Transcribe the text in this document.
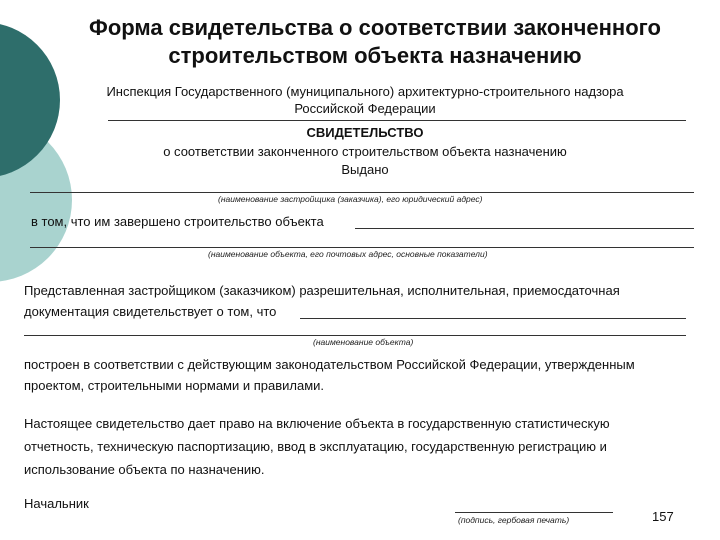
Форма свидетельства о соответствии законченного
строительством объекта назначению
Инспекция Государственного (муниципального) архитектурно-строительного надзора
Российской Федерации
СВИДЕТЕЛЬСТВО
о соответствии законченного строительством объекта назначению
Выдано
(наименование застройщика (заказчика), его юридический адрес)
в том, что им завершено строительство объекта
(наименование объекта, его почтовых адрес, основные показатели)
Представленная застройщиком (заказчиком) разрешительная, исполнительная, приемосдаточная
документация свидетельствует о том, что
(наименование объекта)
построен в соответствии с действующим законодательством Российской Федерации, утвержденным
проектом, строительными нормами и правилами.
Настоящее свидетельство дает право на включение объекта в государственную статистическую
отчетность, техническую паспортизацию, ввод в эксплуатацию, государственную регистрацию и
использование объекта по назначению.
Начальник
(подпись, гербовая печать)	157
